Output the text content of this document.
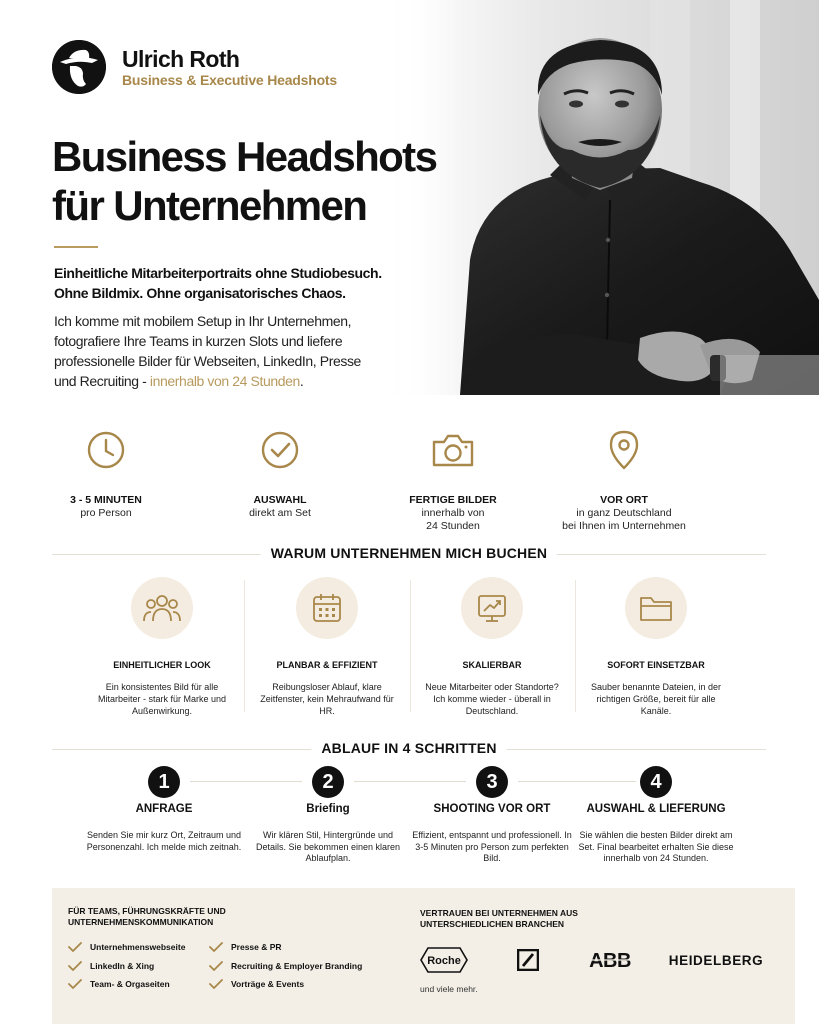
Ulrich Roth
Business & Executive Headshots
Business Headshots
für Unternehmen

Einheitliche Mitarbeiterportraits ohne Studiobesuch.
Ohne Bildmix. Ohne organisatorisches Chaos.

Ich komme mit mobilem Setup in Ihr Unternehmen, fotografiere Ihre Teams in kurzen Slots und liefere professionelle Bilder für Webseiten, LinkedIn, Presse und Recruiting - innerhalb von 24 Stunden.

3 - 5 MINUTEN
pro Person
AUSWAHL
direkt am Set
FERTIGE BILDER
innerhalb von
24 Stunden
VOR ORT
in ganz Deutschland
bei Ihnen im Unternehmen
WARUM UNTERNEHMEN MICH BUCHEN
EINHEITLICHER LOOK
Ein konsistentes Bild für alle Mitarbeiter - stark für Marke und Außenwirkung.
PLANBAR & EFFIZIENT
Reibungsloser Ablauf, klare Zeitfenster, kein Mehraufwand für HR.
SKALIERBAR
Neue Mitarbeiter oder Standorte? Ich komme wieder - überall in Deutschland.
SOFORT EINSETZBAR
Sauber benannte Dateien, in der richtigen Größe, bereit für alle Kanäle.
ABLAUF IN 4 SCHRITTEN
1
ANFRAGE
Senden Sie mir kurz Ort, Zeitraum und Personenzahl. Ich melde mich zeitnah.
2
Briefing
Wir klären Stil, Hintergründe und Details. Sie bekommen einen klaren Ablaufplan.
3
SHOOTING VOR ORT
Effizient, entspannt und professionell. In 3-5 Minuten pro Person zum perfekten Bild.
4
AUSWAHL & LIEFERUNG
Sie wählen die besten Bilder direkt am Set. Final bearbeitet erhalten Sie diese innerhalb von 24 Stunden.
FÜR TEAMS, FÜHRUNGSKRÄFTE UND UNTERNEHMENSKOMMUNIKATION
Unternehmenswebseite
LinkedIn & Xing
Team- & Orgaseiten
Presse & PR
Recruiting & Employer Branding
Vorträge & Events
VERTRAUEN BEI UNTERNEHMEN AUS UNTERSCHIEDLICHEN BRANCHEN
Roche	ABB	HEIDELBERG
und viele mehr.
